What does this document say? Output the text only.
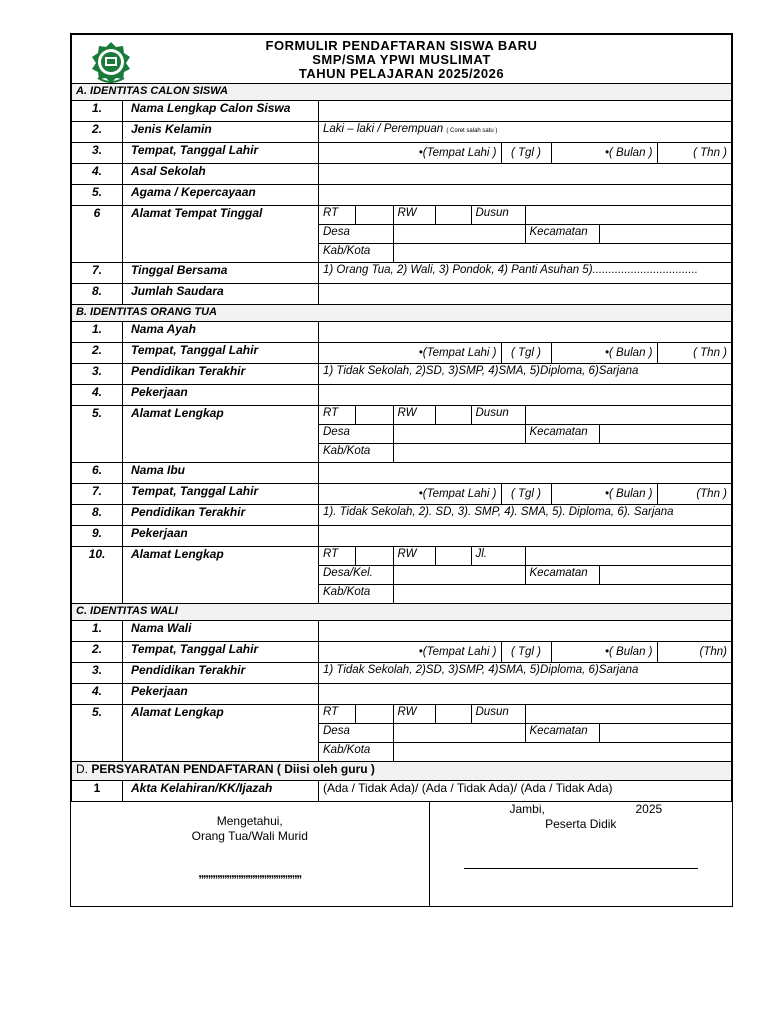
FORMULIR PENDAFTARAN SISWA BARU
SMP/SMA YPWI MUSLIMAT
TAHUN PELAJARAN 2025/2026

A. IDENTITAS CALON SISWA
1.	Nama Lengkap Calon Siswa	
2.	Jenis Kelamin	Laki – laki / Perempuan ( Coret salah satu )
3.	Tempat, Tanggal Lahir		•(Tempat Lahi )	( Tgl )	•( Bulan )	( Thn )

4.	Asal Sekolah	
5.	Agama / Kepercayaan	
6	Alamat Tempat Tinggal		RT		RW		Dusun	
Desa		Kecamatan	
Kab/Kota	

7.	Tinggal Bersama	1) Orang Tua, 2) Wali, 3) Pondok, 4) Panti Asuhan 5).................................
8.	Jumlah Saudara	
B. IDENTITAS ORANG TUA
1.	Nama Ayah	
2.	Tempat, Tanggal Lahir		•(Tempat Lahi )	( Tgl )	•( Bulan )	( Thn )

3.	Pendidikan Terakhir	1) Tidak Sekolah, 2)SD, 3)SMP, 4)SMA, 5)Diploma, 6)Sarjana
4.	Pekerjaan	
5.	Alamat Lengkap		RT		RW		Dusun	
Desa		Kecamatan	
Kab/Kota	

6.	Nama Ibu	
7.	Tempat, Tanggal Lahir		•(Tempat Lahi )	( Tgl )	•( Bulan )	(Thn )

8.	Pendidikan Terakhir	1). Tidak Sekolah, 2). SD, 3). SMP, 4). SMA, 5). Diploma, 6). Sarjana
9.	Pekerjaan	
10.	Alamat Lengkap		RT		RW		Jl.	
Desa/Kel.		Kecamatan	
Kab/Kota	

C. IDENTITAS WALI
1.	Nama Wali	
2.	Tempat, Tanggal Lahir		•(Tempat Lahi )	( Tgl )	•( Bulan )	(Thn)

3.	Pendidikan Terakhir	1) Tidak Sekolah, 2)SD, 3)SMP, 4)SMA, 5)Diploma, 6)Sarjana
4.	Pekerjaan	
5.	Alamat Lengkap		RT		RW		Dusun	
Desa		Kecamatan	
Kab/Kota	

D. PERSYARATAN PENDAFTARAN ( Diisi oleh guru )
1	Akta Kelahiran/KK/Ijazah	(Ada / Tidak Ada)/ (Ada / Tidak Ada)/ (Ada / Tidak Ada)
Mengetahui,
Orang Tua/Wali Murid
,,,,,,,,,,,,,,,,,,,,,,,,,,,,,,,,,,,,,,,,,,,,

Jambi,	2025
Peserta Didik
